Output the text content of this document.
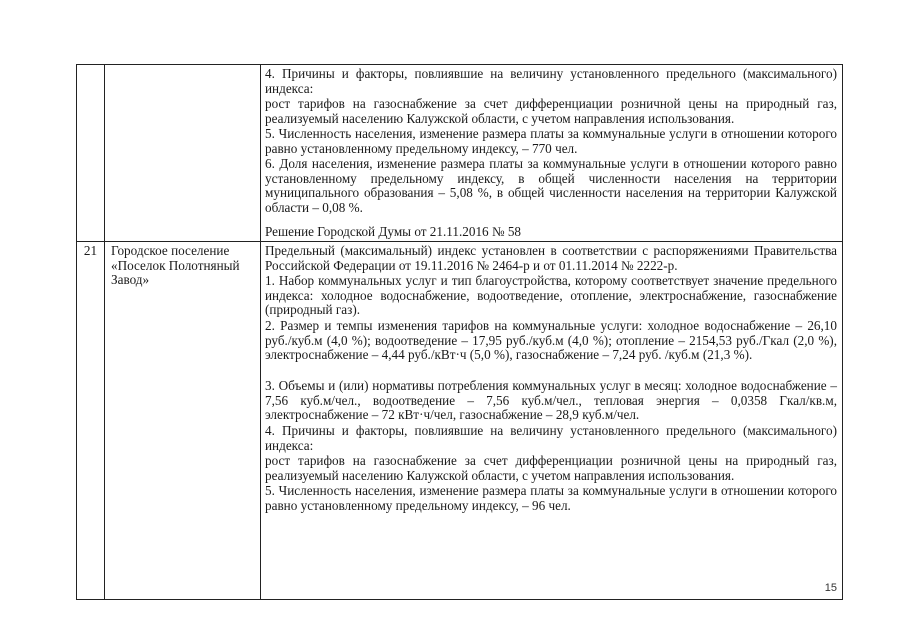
4. Причины и факторы, повлиявшие на величину установленного предельного (максимального) индекса:

рост тарифов на газоснабжение за счет дифференциации розничной цены на природный газ, реализуемый населению Калужской области, с учетом направления использования.

5. Численность населения, изменение размера платы за коммунальные услуги в отношении которого равно установленному предельному индексу, – 770 чел.

6. Доля населения, изменение размера платы за коммунальные услуги в отношении которого равно установленному предельному индексу, в общей численности населения на территории муниципального образования – 5,08 %, в общей численности населения на территории Калужской области – 0,08 %.

Решение Городской Думы от 21.11.2016 № 58

21	Городское поселение «Поселок Полотняный Завод»

Предельный (максимальный) индекс установлен в соответствии с распоряжениями Правительства Российской Федерации от 19.11.2016 № 2464-р и от 01.11.2014 № 2222-р.

1. Набор коммунальных услуг и тип благоустройства, которому соответствует значение предельного индекса: холодное водоснабжение, водоотведение, отопление, электроснабжение, газоснабжение (природный газ).

2. Размер и темпы изменения тарифов на коммунальные услуги: холодное водоснабжение – 26,10 руб./куб.м (4,0 %); водоотведение – 17,95 руб./куб.м (4,0 %); отопление – 2154,53 руб./Гкал (2,0 %), электроснабжение – 4,44 руб./кВт·ч (5,0 %), газоснабжение – 7,24 руб. /куб.м (21,3 %).

3. Объемы и (или) нормативы потребления коммунальных услуг в месяц: холодное водоснабжение – 7,56 куб.м/чел., водоотведение – 7,56 куб.м/чел., тепловая энергия – 0,0358 Гкал/кв.м, электроснабжение – 72 кВт·ч/чел, газоснабжение – 28,9 куб.м/чел.

4. Причины и факторы, повлиявшие на величину установленного предельного (максимального) индекса:

рост тарифов на газоснабжение за счет дифференциации розничной цены на природный газ, реализуемый населению Калужской области, с учетом направления использования.

5. Численность населения, изменение размера платы за коммунальные услуги в отношении которого равно установленному предельному индексу, – 96 чел.

15
